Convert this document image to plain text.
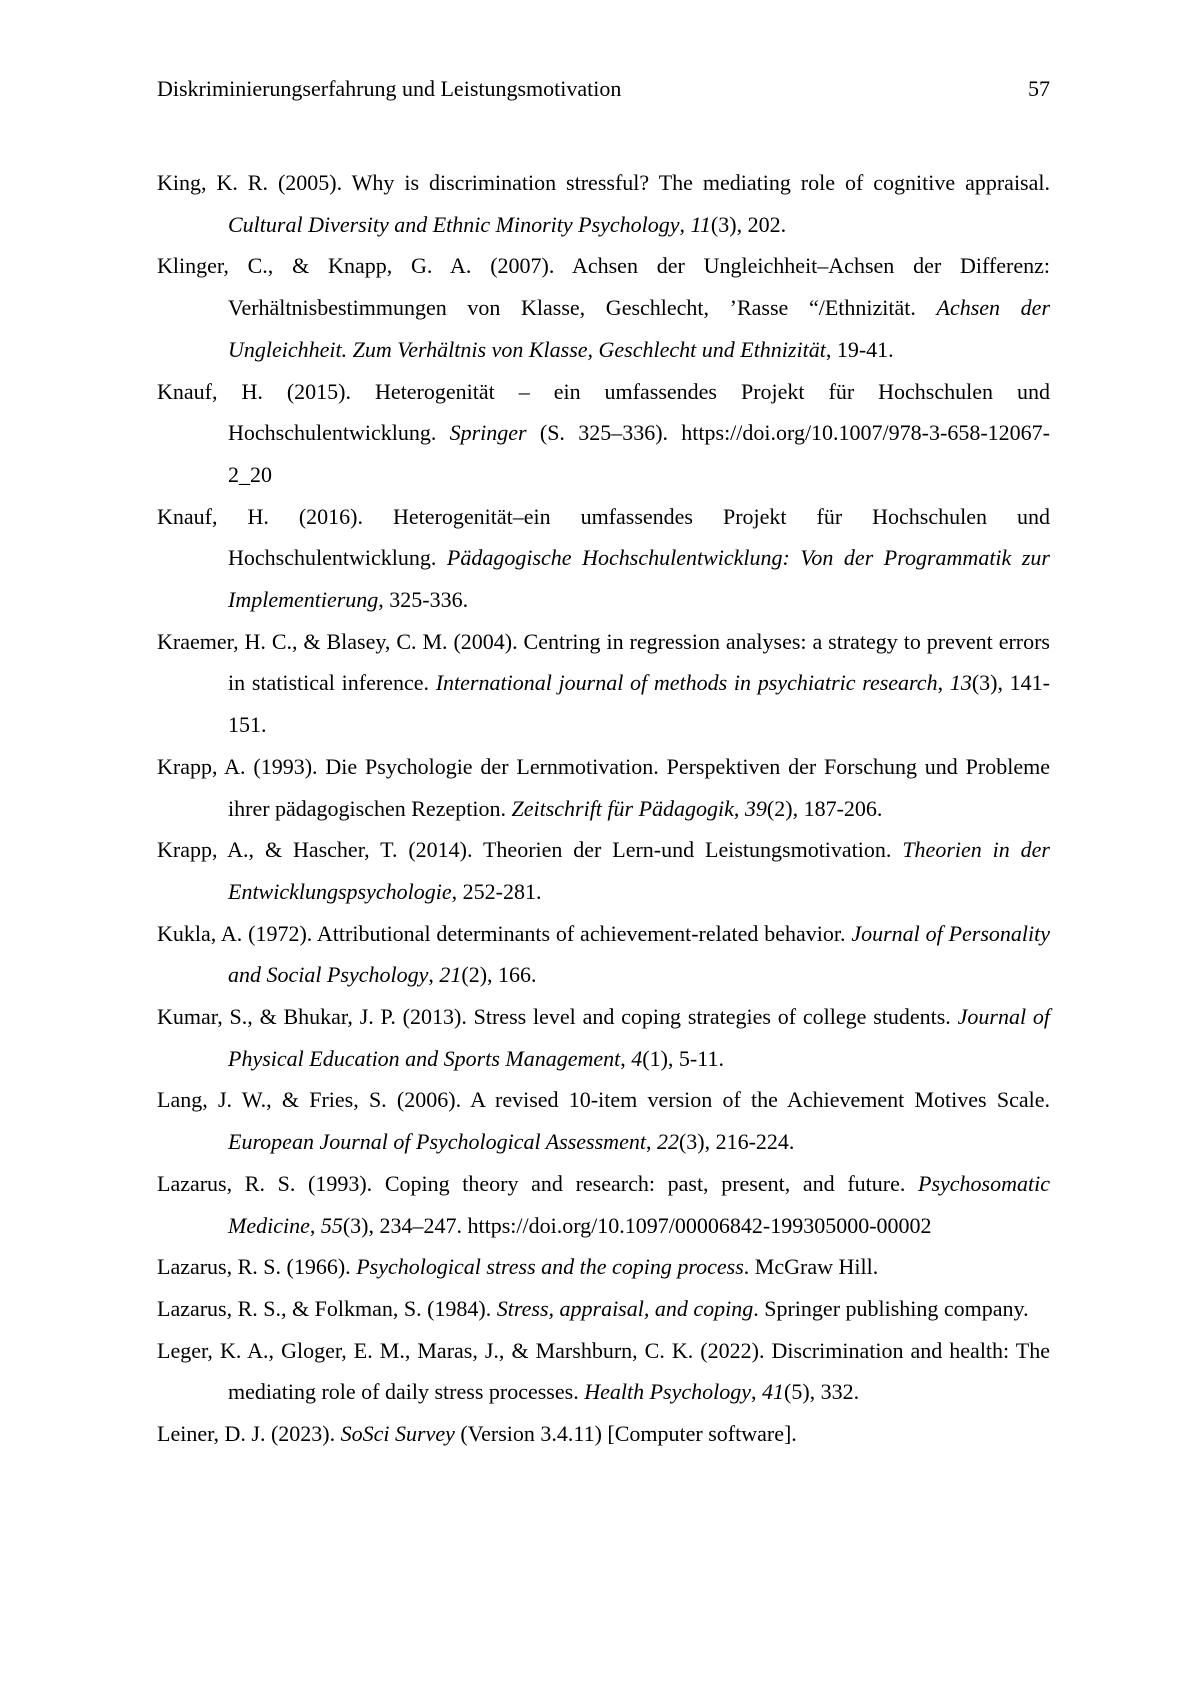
Diskriminierungserfahrung und Leistungsmotivation	57

King, K. R. (2005). Why is discrimination stressful? The mediating role of cognitive appraisal. Cultural Diversity and Ethnic Minority Psychology, 11(3), 202.

Klinger, C., & Knapp, G. A. (2007). Achsen der Ungleichheit–Achsen der Differenz: Verhältnisbestimmungen von Klasse, Geschlecht, ’Rasse “/Ethnizität. Achsen der Ungleichheit. Zum Verhältnis von Klasse, Geschlecht und Ethnizität, 19-41.

Knauf, H. (2015). Heterogenität – ein umfassendes Projekt für Hochschulen und Hochschulentwicklung. Springer (S. 325–336). https://doi.org/10.1007/978-3-658-12067-2_20

Knauf, H. (2016). Heterogenität–ein umfassendes Projekt für Hochschulen und Hochschulentwicklung. Pädagogische Hochschulentwicklung: Von der Programmatik zur Implementierung, 325-336.

Kraemer, H. C., & Blasey, C. M. (2004). Centring in regression analyses: a strategy to prevent errors in statistical inference. International journal of methods in psychiatric research, 13(3), 141-151.

Krapp, A. (1993). Die Psychologie der Lernmotivation. Perspektiven der Forschung und Probleme ihrer pädagogischen Rezeption. Zeitschrift für Pädagogik, 39(2), 187-206.

Krapp, A., & Hascher, T. (2014). Theorien der Lern-und Leistungsmotivation. Theorien in der Entwicklungspsychologie, 252-281.

Kukla, A. (1972). Attributional determinants of achievement-related behavior. Journal of Personality and Social Psychology, 21(2), 166.

Kumar, S., & Bhukar, J. P. (2013). Stress level and coping strategies of college students. Journal of Physical Education and Sports Management, 4(1), 5-11.

Lang, J. W., & Fries, S. (2006). A revised 10-item version of the Achievement Motives Scale. European Journal of Psychological Assessment, 22(3), 216-224.

Lazarus, R. S. (1993). Coping theory and research: past, present, and future. Psychosomatic Medicine, 55(3), 234–247. https://doi.org/10.1097/00006842-199305000-00002

Lazarus, R. S. (1966). Psychological stress and the coping process. McGraw Hill.

Lazarus, R. S., & Folkman, S. (1984). Stress, appraisal, and coping. Springer publishing company.

Leger, K. A., Gloger, E. M., Maras, J., & Marshburn, C. K. (2022). Discrimination and health: The mediating role of daily stress processes. Health Psychology, 41(5), 332.

Leiner, D. J. (2023). SoSci Survey (Version 3.4.11) [Computer software].
